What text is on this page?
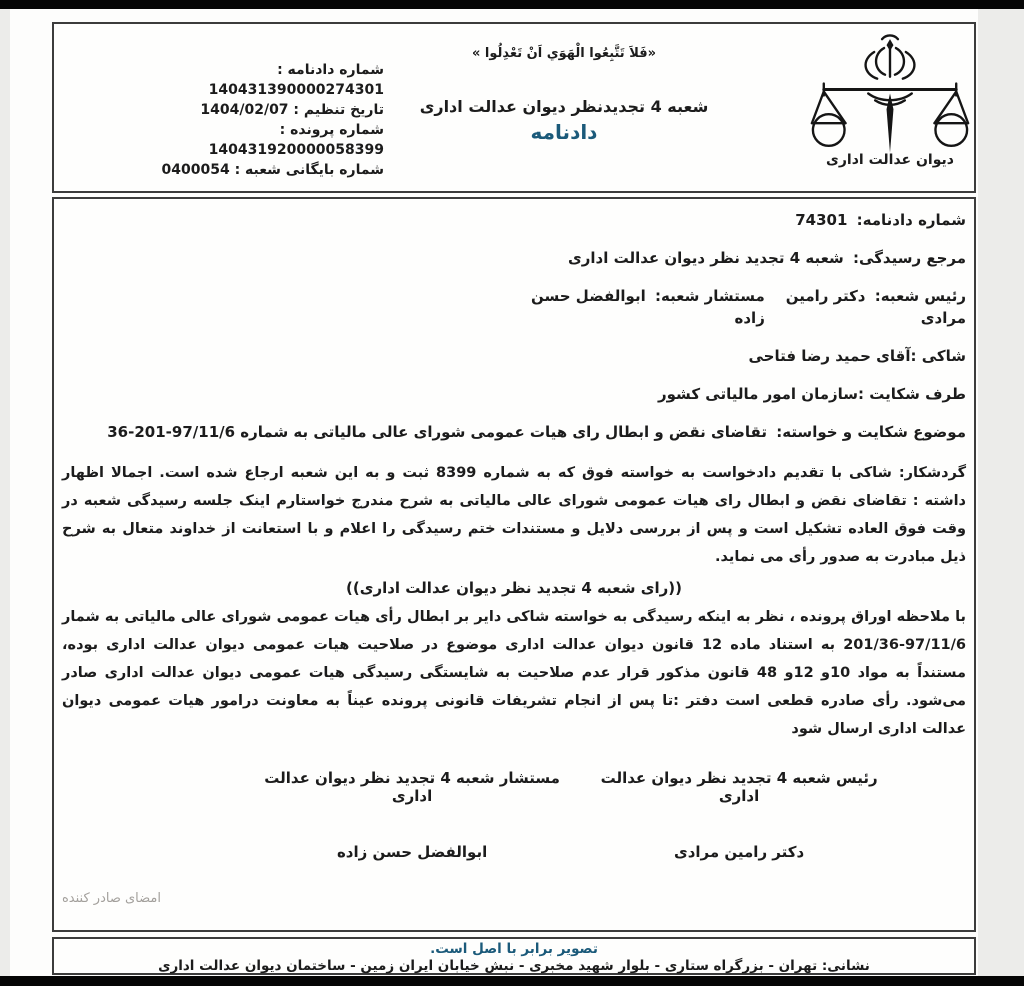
شماره دادنامه : 140431390000274301
تاریخ تنظیم : 1404/02/07
شماره پرونده : 140431920000058399
شماره بایگانی شعبه : 0400054
«فَلاَ تَتَّبِعُوا الْهَوَي اَنْ تَعْدِلُوا »
شعبه 4 تجدیدنظر دیوان عدالت اداری
دادنامه
دیوان عدالت اداری
شماره دادنامه: 74301
مرجع رسیدگی: شعبه 4 تجدید نظر دیوان عدالت اداری
رئیس شعبه: دکتر رامین مرادی
مستشار شعبه: ابوالفضل حسن زاده
شاکی :آقای حمید رضا فتاحی
طرف شکایت :سازمان امور مالیاتی کشور
موضوع شکایت و خواسته: تقاضای نقض و ابطال رای هیات عمومی شورای عالی مالیاتی به شماره 97/11/6-201-36

گردشکار: شاکی با تقدیم دادخواست به خواسته فوق که به شماره 8399 ثبت و به این شعبه ارجاع شده است. اجمالا اظهار داشته : تقاضای نقض و ابطال رای هیات عمومی شورای عالی مالیاتی به شرح مندرج خواستارم اینک جلسه رسیدگی شعبه در وقت فوق العاده تشکیل است و پس از بررسی دلایل و مستندات ختم رسیدگی را اعلام و با استعانت از خداوند متعال به شرح ذیل مبادرت به صدور رأی می نماید.

((رای شعبه 4 تجدید نظر دیوان عدالت اداری))

با ملاحظه اوراق پرونده ، نظر به اینکه رسیدگی به خواسته شاکی دایر بر ابطال رأی هیات عمومی شورای عالی مالیاتی به شمار 97/11/6-201/36 به استناد ماده 12 قانون دیوان عدالت اداری موضوع در صلاحیت هیات عمومی دیوان عدالت اداری بوده، مستنداً به مواد 10و 12و 48 قانون مذکور قرار عدم صلاحیت به شایستگی رسیدگی هیات عمومی دیوان عدالت اداری صادر می‌شود. رأی صادره قطعی است دفتر :تا پس از انجام تشریفات قانونی پرونده عیناً به معاونت درامور هیات عمومی دیوان عدالت اداری ارسال شود

مستشار شعبه 4 تجدید نظر دیوان عدالت اداری
ابوالفضل حسن زاده
رئیس شعبه 4 تجدید نظر دیوان عدالت اداری
دکتر رامین مرادی
امضای صادر کننده
تصویر برابر با اصل است.
نشانی: تهران - بزرگراه ستاری - بلوار شهید مخبری - نبش خیابان ایران زمین - ساختمان دیوان عدالت اداری
